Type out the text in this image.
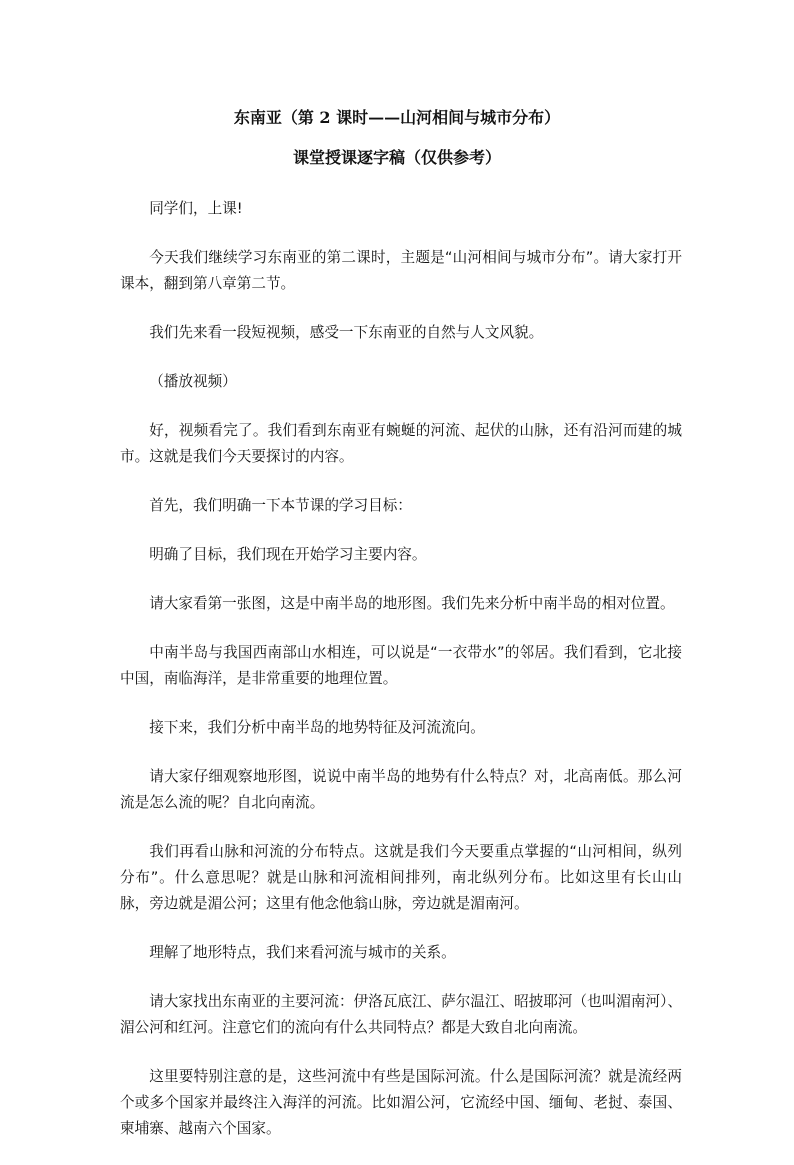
东南亚（第 2 课时——山河相间与城市分布）
课堂授课逐字稿（仅供参考）

同学们，上课!

今天我们继续学习东南亚的第二课时，主题是“山河相间与城市分布”。请大家打开课本，翻到第八章第二节。

我们先来看一段短视频，感受一下东南亚的自然与人文风貌。

（播放视频）

好，视频看完了。我们看到东南亚有蜿蜒的河流、起伏的山脉，还有沿河而建的城市。这就是我们今天要探讨的内容。

首先，我们明确一下本节课的学习目标：

明确了目标，我们现在开始学习主要内容。

请大家看第一张图，这是中南半岛的地形图。我们先来分析中南半岛的相对位置。

中南半岛与我国西南部山水相连，可以说是“一衣带水”的邻居。我们看到，它北接中国，南临海洋，是非常重要的地理位置。

接下来，我们分析中南半岛的地势特征及河流流向。

请大家仔细观察地形图，说说中南半岛的地势有什么特点？对，北高南低。那么河流是怎么流的呢？自北向南流。

我们再看山脉和河流的分布特点。这就是我们今天要重点掌握的“山河相间，纵列分布”。什么意思呢？就是山脉和河流相间排列，南北纵列分布。比如这里有长山山脉，旁边就是湄公河；这里有他念他翁山脉，旁边就是湄南河。

理解了地形特点，我们来看河流与城市的关系。

请大家找出东南亚的主要河流：伊洛瓦底江、萨尔温江、昭披耶河（也叫湄南河）、湄公河和红河。注意它们的流向有什么共同特点？都是大致自北向南流。

这里要特别注意的是，这些河流中有些是国际河流。什么是国际河流？就是流经两个或多个国家并最终注入海洋的河流。比如湄公河，它流经中国、缅甸、老挝、泰国、柬埔寨、越南六个国家。
